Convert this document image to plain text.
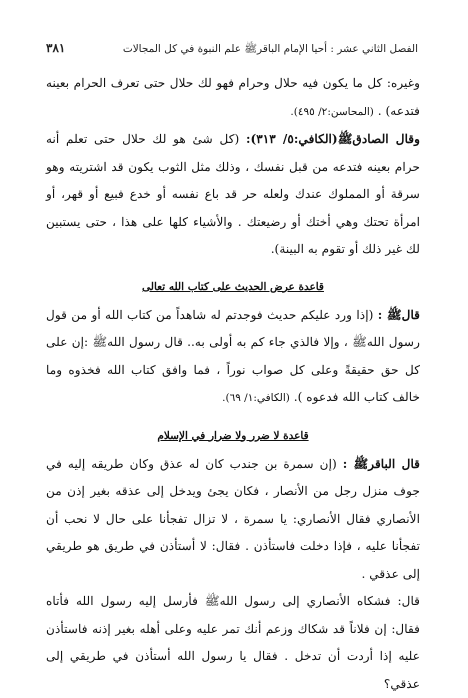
الفصل الثاني عشر : أحيا الإمام الباقرﷺ علم النبوة في كل المجالات
٣٨١

وغيره: كل ما يكون فيه حلال وحرام فهو لك حلال حتى تعرف الحرام بعينه فتدعه) . (المحاسن:٢/ ٤٩٥).

وقال الصادقﷺ(الكافي:٥/ ٣١٣): (كل شئ هو لك حلال حتى تعلم أنه حرام بعينه فتدعه من قبل نفسك ، وذلك مثل الثوب يكون قد اشتريته وهو سرقة أو المملوك عندك ولعله حر قد باع نفسه أو خدع فبيع أو قهر، أو امرأة تحتك وهي أختك أو رضيعتك . والأشياء كلها على هذا ، حتى يستبين لك غير ذلك أو تقوم به البينة).

قاعدة عرض الحديث على كتاب الله تعالى

قالﷺ : (إذا ورد عليكم حديث فوجدتم له شاهداً من كتاب الله أو من قول رسول اللهﷺ ، وإلا فالذي جاء كم به أولى به.. قال رسول اللهﷺ :إن على كل حق حقيقةً وعلى كل صواب نوراً ، فما وافق كتاب الله فخذوه وما خالف كتاب الله فدعوه ). (الكافي:١/ ٦٩).

قاعدة لا ضرر ولا ضرار في الإسلام

قال الباقرﷺ : (إن سمرة بن جندب كان له عذق وكان طريقه إليه في جوف منزل رجل من الأنصار ، فكان يجئ ويدخل إلى عذقه بغير إذن من الأنصاري فقال الأنصاري: يا سمرة ، لا تزال تفجأنا على حال لا نحب أن تفجأنا عليه ، فإذا دخلت فاستأذن . فقال: لا أستأذن في طريق هو طريقي إلى عذقي .

قال: فشكاه الأنصاري إلى رسول اللهﷺ فأرسل إليه رسول الله فأتاه فقال: إن فلاناً قد شكاك وزعم أنك تمر عليه وعلى أهله بغير إذنه فاستأذن عليه إذا أردت أن تدخل . فقال يا رسول الله أستأذن في طريقي إلى عذقي؟
